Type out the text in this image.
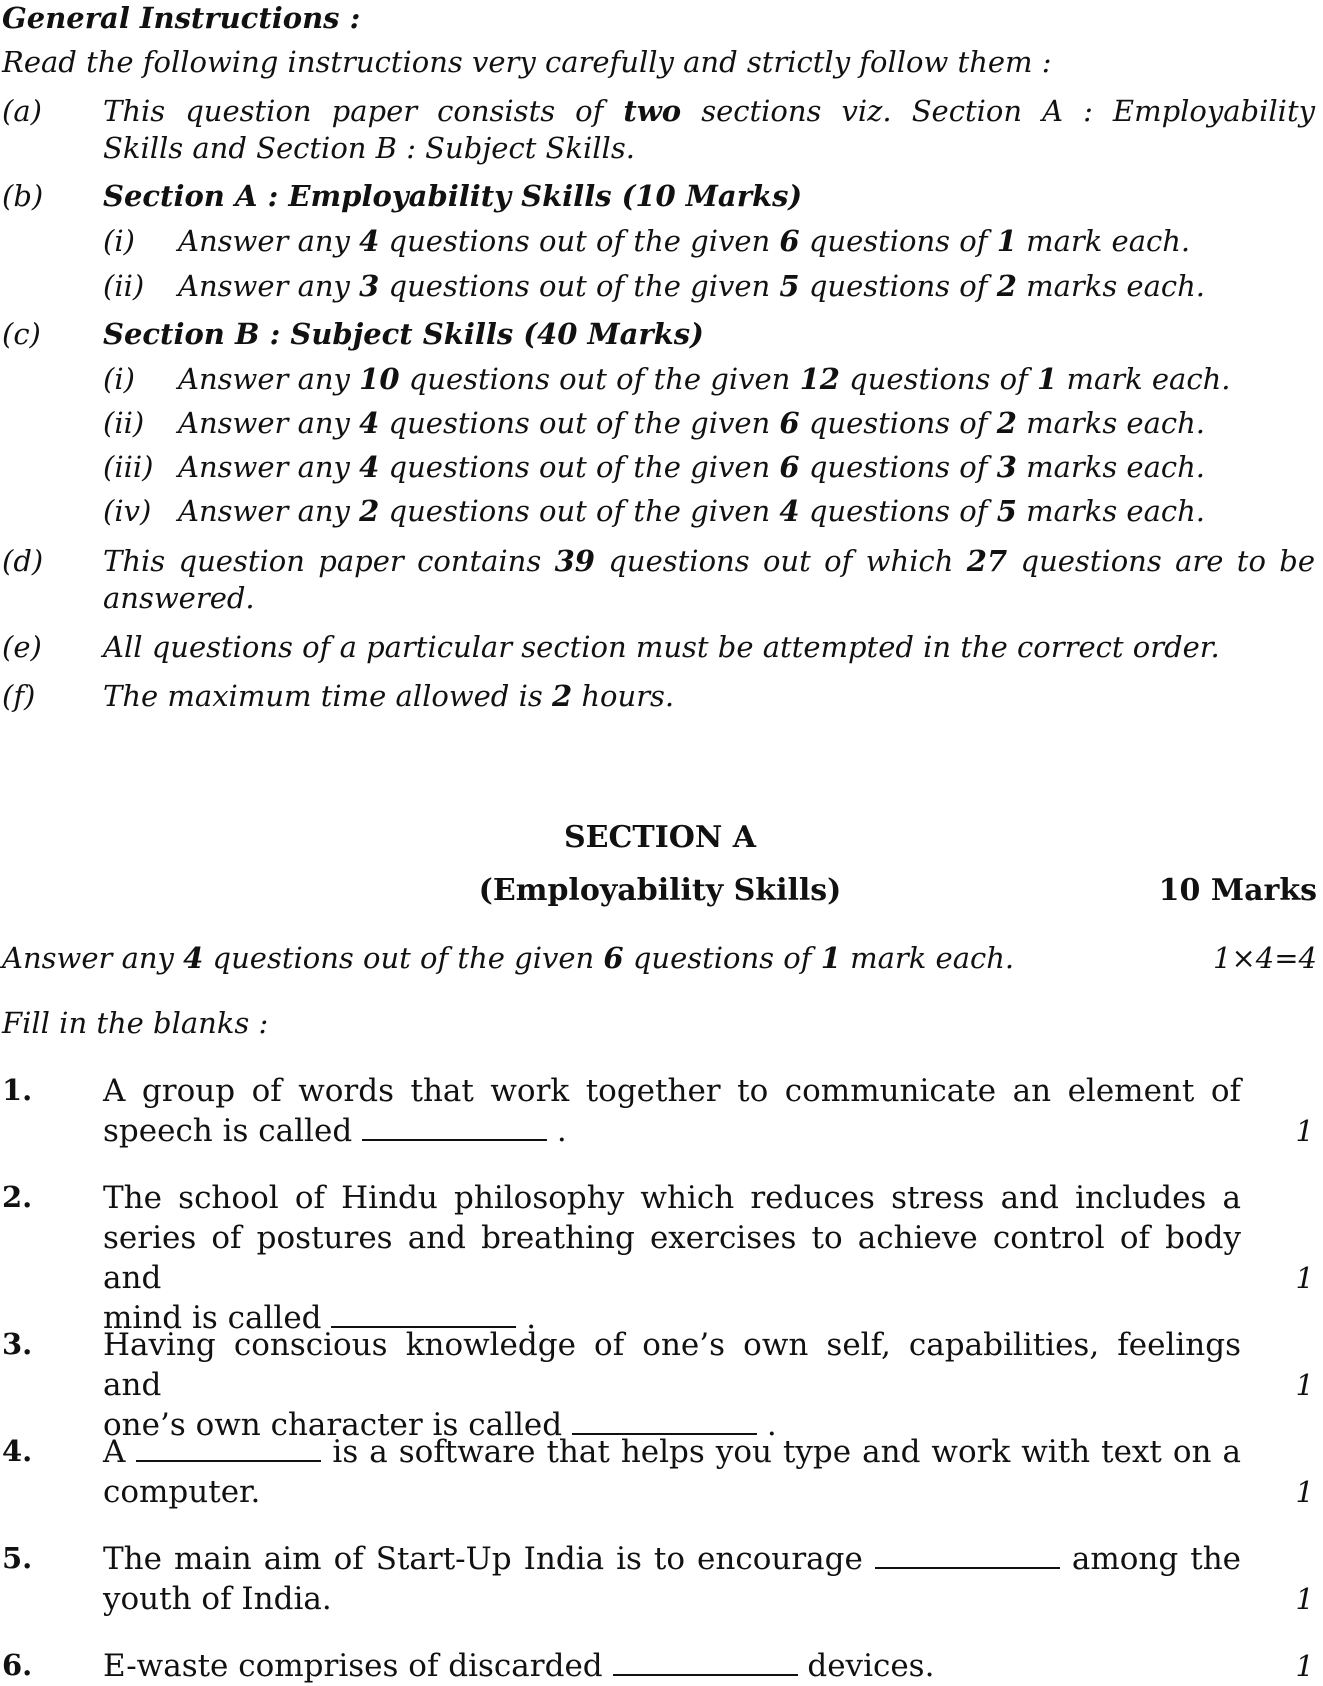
General Instructions :
Read the following instructions very carefully and strictly follow them :
(a) This question paper consists of two sections viz. Section A : Employability
Skills and Section B : Subject Skills.
(b) Section A : Employability Skills (10 Marks)
(i) Answer any 4 questions out of the given 6 questions of 1 mark each.
(ii) Answer any 3 questions out of the given 5 questions of 2 marks each.
(c) Section B : Subject Skills (40 Marks)
(i) Answer any 10 questions out of the given 12 questions of 1 mark each.
(ii) Answer any 4 questions out of the given 6 questions of 2 marks each.
(iii) Answer any 4 questions out of the given 6 questions of 3 marks each.
(iv) Answer any 2 questions out of the given 4 questions of 5 marks each.
(d) This question paper contains 39 questions out of which 27 questions are to be
answered.
(e) All questions of a particular section must be attempted in the correct order.
(f) The maximum time allowed is 2 hours.
SECTION A
(Employability Skills)	10 Marks
Answer any 4 questions out of the given 6 questions of 1 mark each.	1×4=4
Fill in the blanks :
1. A group of words that work together to communicate an element of
speech is called	.	1
2. The school of Hindu philosophy which reduces stress and includes a
series of postures and breathing exercises to achieve control of body and
mind is called	.
1
3. Having conscious knowledge of one’s own self, capabilities, feelings and
one’s own character is called	.
1
4. A	is a software that helps you type and work with text on a
computer.	1
5. The main aim of Start-Up India is to encourage	among the
youth of India.	1
6. E-waste comprises of discarded	devices.	1
